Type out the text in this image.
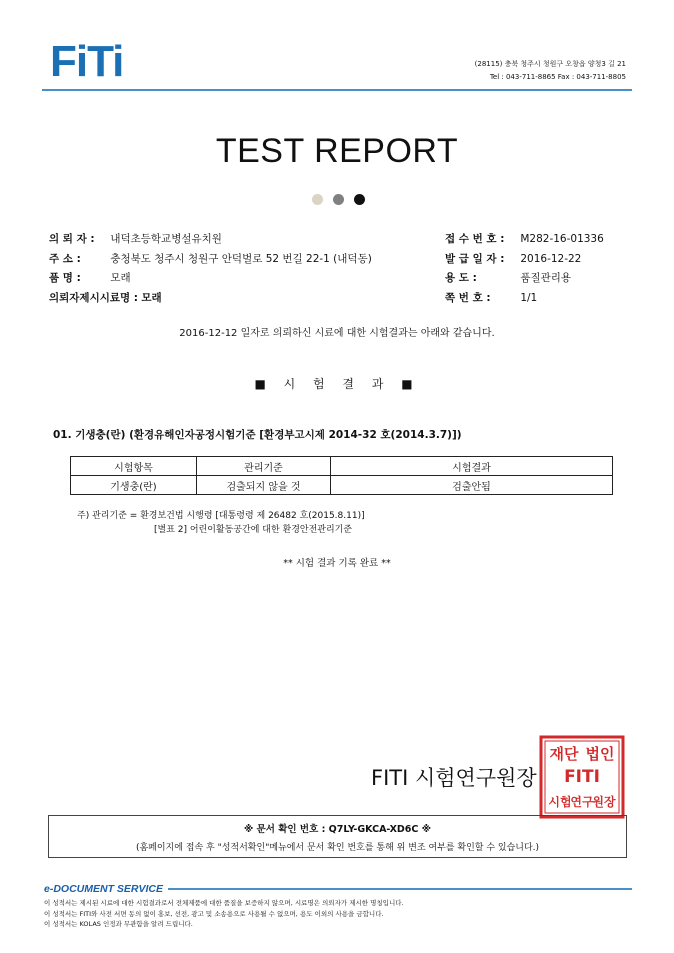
FiTi	(28115) 충북 청주시 청원구 오창읍 양청3 길 21
Tel : 043-711-8865 Fax : 043-711-8805
TEST REPORT
의 뢰 자 : 내덕초등학교병설유치원
주 소 :	충청북도 청주시 청원구 안덕벌로 52 번길 22-1 (내덕동)
품 명 :	모래
의뢰자제시시료명 : 모래
접 수 번 호 : M282-16-01336
발 급 일 자 : 2016-12-22
용 도 :	품질관리용
쪽 번 호 :	1/1
2016-12-12 일자로 의뢰하신 시료에 대한 시험결과는 아래와 같습니다.
■ 시 험 결 과 ■
01. 기생충(란) (환경유해인자공정시험기준 [환경부고시제 2014-32 호(2014.3.7)])
시험항목	관리기준	시험결과
기생충(란)	검출되지 않을 것	검출안됨
주) 관리기준 = 환경보건법 시행령 [대통령령 제 26482 호(2015.8.11)]
[별표 2] 어린이활동공간에 대한 환경안전관리기준
** 시험 결과 기록 완료 **
재단 법인
FITI
시험
연구
원장
FITI 시험연구원장
※ 문서 확인 번호 : Q7LY-GKCA-XD6C ※
(홈페이지에 접속 후 "성적서확인"메뉴에서 문서 확인 번호를 통해 위 변조 여부를 확인할 수 있습니다.)
e-DOCUMENT SERVICE
이 성적서는 제시된 시료에 대한 시험결과로서 전체제품에 대한 품질을 보증하지 않으며, 시료명은 의뢰자가 제시한 명칭입니다.
이 성적서는 FITI와 사전 서면 동의 없이 홍보, 선전, 광고 및 소송용으로 사용될 수 없으며, 용도 이외의 사용을 금합니다.
이 성적서는 KOLAS 인정과 무관함을 알려 드립니다.
